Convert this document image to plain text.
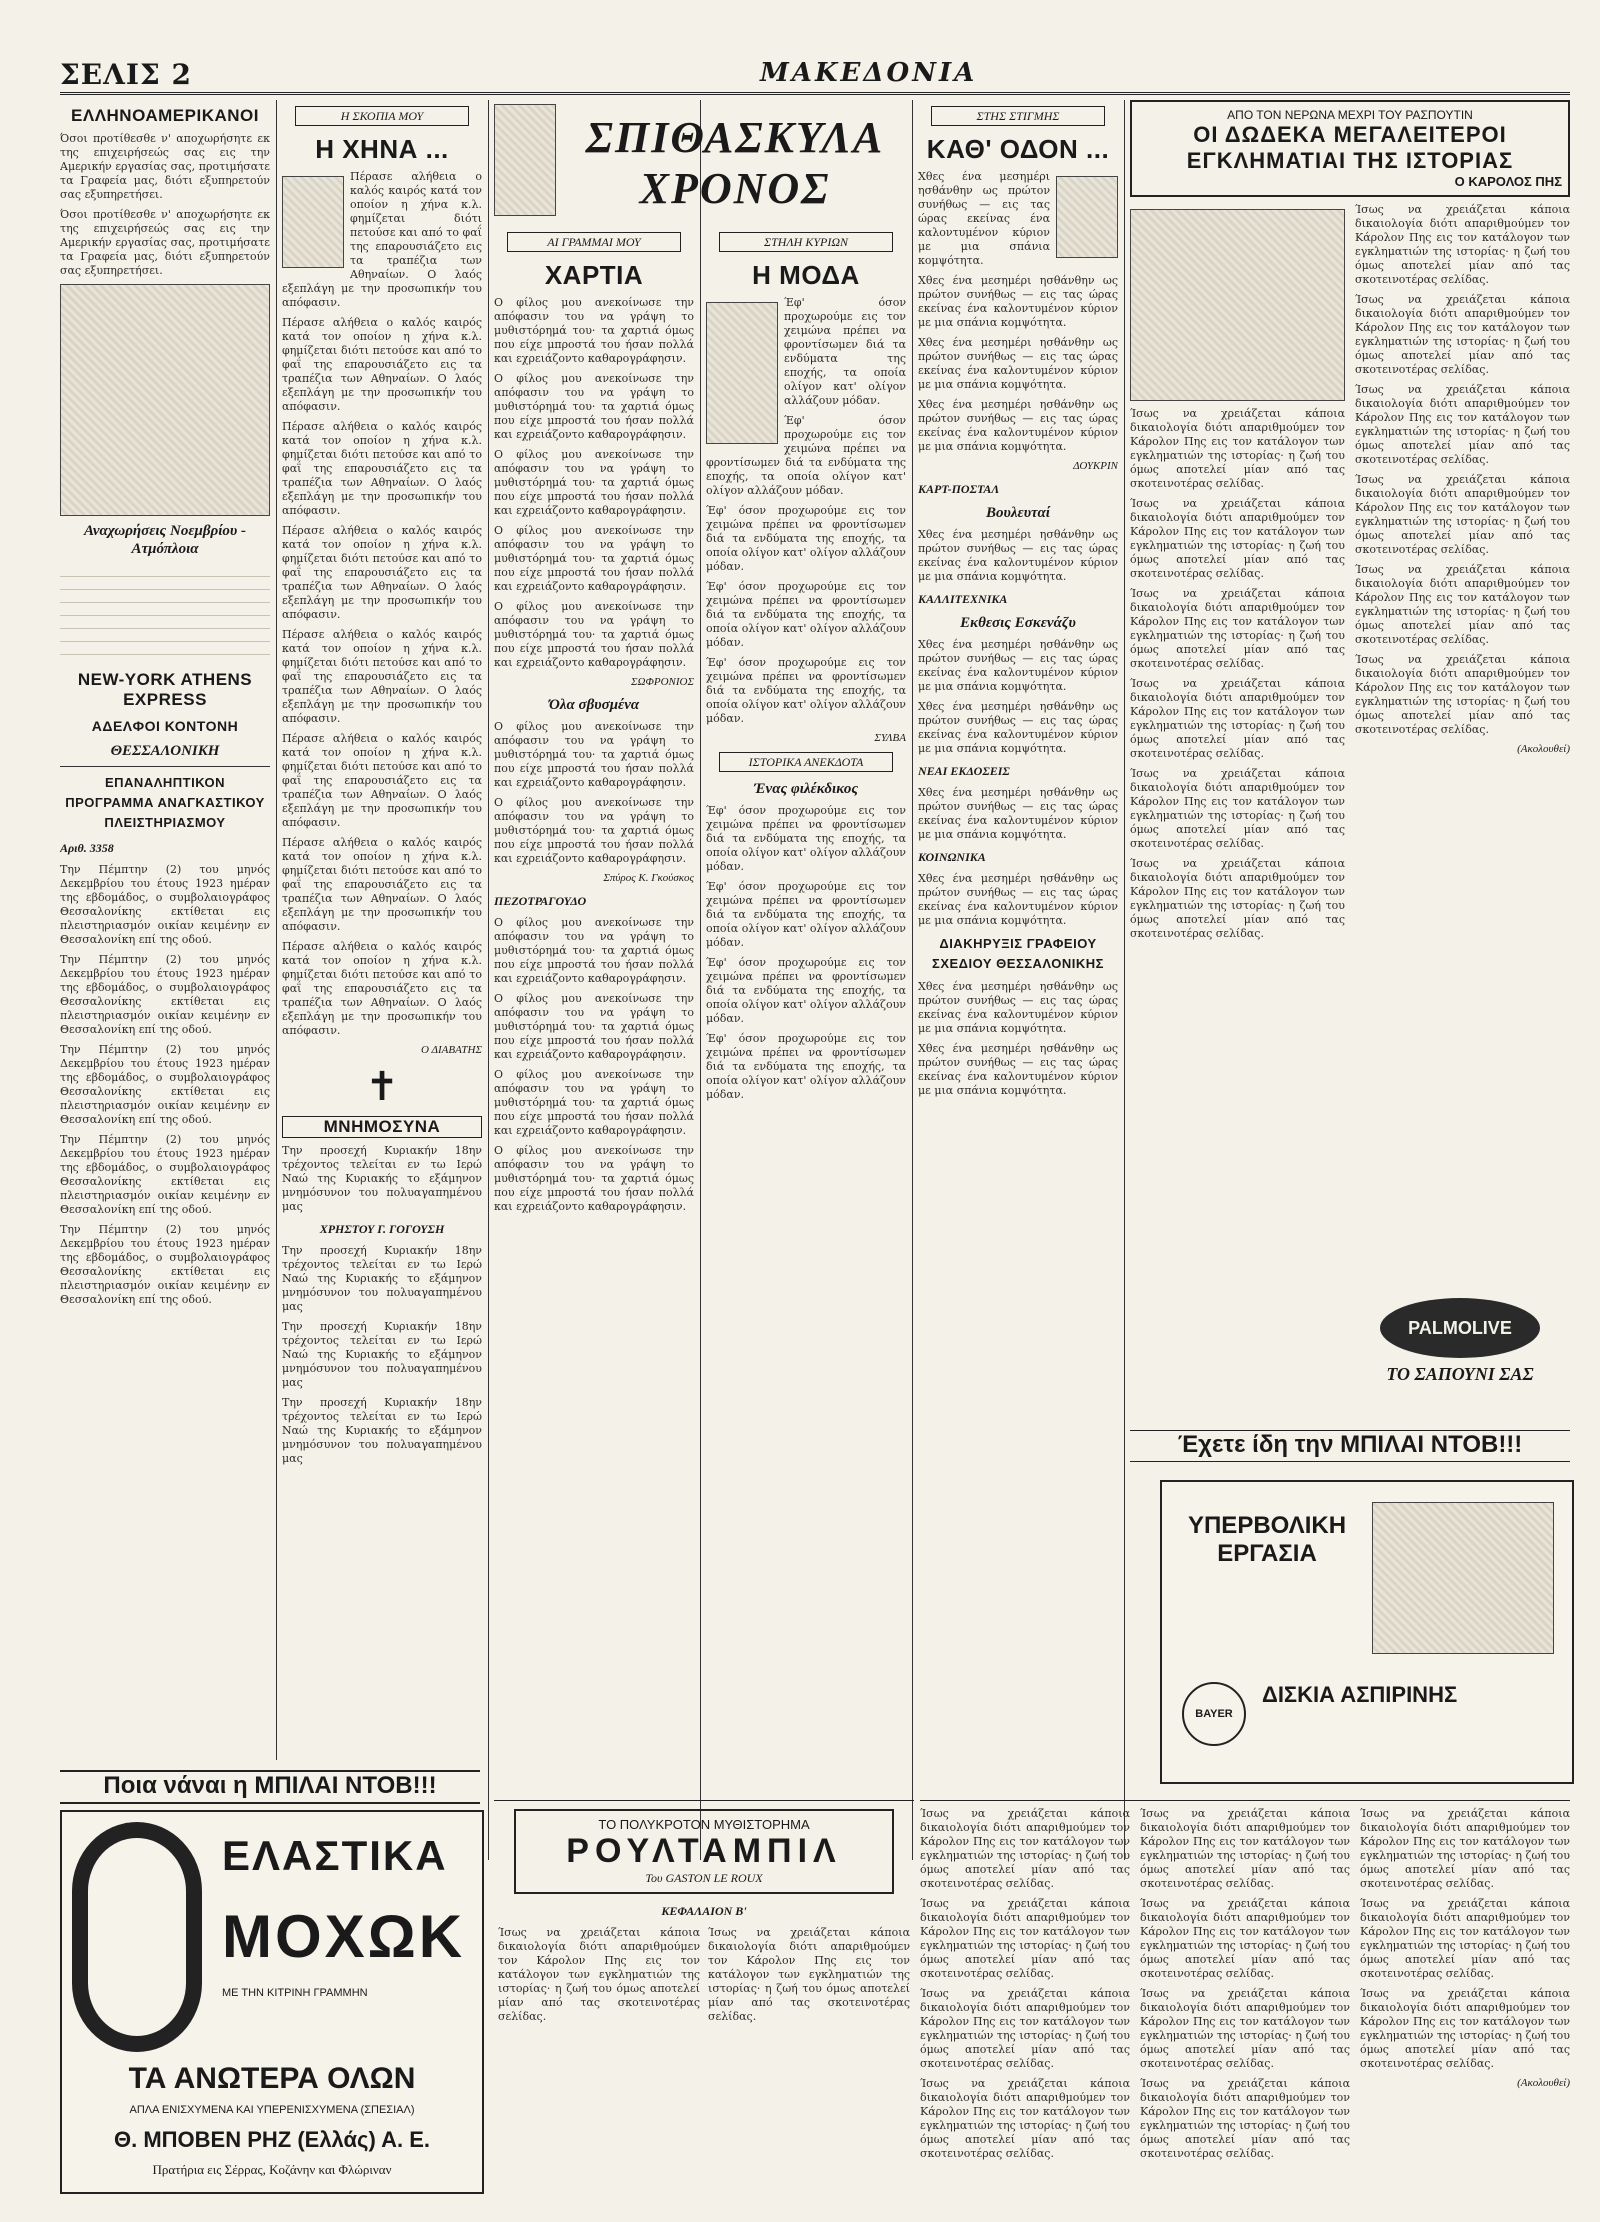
ΣΕΛΙΣ 2	ΜΑΚΕΔΟΝΙΑ
ΕΛΛΗΝΟΑΜΕΡΙΚΑΝΟΙ

Όσοι προτίθεσθε ν' αποχωρήσητε εκ της επιχειρήσεώς σας εις την Αμερικήν εργασίας σας, προτιμήσατε τα Γραφεία μας, διότι εξυπηρετούν σας εξυπηρετήσει.

Όσοι προτίθεσθε ν' αποχωρήσητε εκ της επιχειρήσεώς σας εις την Αμερικήν εργασίας σας, προτιμήσατε τα Γραφεία μας, διότι εξυπηρετούν σας εξυπηρετήσει.

Αναχωρήσεις Νοεμβρίου - Ατμόπλοια

NEW-YORK ATHENS EXPRESS
ΑΔΕΛΦΟΙ ΚΟΝΤΟΝΗ
ΘΕΣΣΑΛΟΝΙΚΗ
ΕΠΑΝΑΛΗΠΤΙΚΟΝ ΠΡΟΓΡΑΜΜΑ ΑΝΑΓΚΑΣΤΙΚΟΥ ΠΛΕΙΣΤΗΡΙΑΣΜΟΥ
Αριθ. 3358

Την Πέμπτην (2) του μηνός Δεκεμβρίου του έτους 1923 ημέραν της εβδομάδος, ο συμβολαιογράφος Θεσσαλονίκης εκτίθεται εις πλειστηριασμόν οικίαν κειμένην εν Θεσσαλονίκη επί της οδού.

Την Πέμπτην (2) του μηνός Δεκεμβρίου του έτους 1923 ημέραν της εβδομάδος, ο συμβολαιογράφος Θεσσαλονίκης εκτίθεται εις πλειστηριασμόν οικίαν κειμένην εν Θεσσαλονίκη επί της οδού.

Την Πέμπτην (2) του μηνός Δεκεμβρίου του έτους 1923 ημέραν της εβδομάδος, ο συμβολαιογράφος Θεσσαλονίκης εκτίθεται εις πλειστηριασμόν οικίαν κειμένην εν Θεσσαλονίκη επί της οδού.

Την Πέμπτην (2) του μηνός Δεκεμβρίου του έτους 1923 ημέραν της εβδομάδος, ο συμβολαιογράφος Θεσσαλονίκης εκτίθεται εις πλειστηριασμόν οικίαν κειμένην εν Θεσσαλονίκη επί της οδού.

Την Πέμπτην (2) του μηνός Δεκεμβρίου του έτους 1923 ημέραν της εβδομάδος, ο συμβολαιογράφος Θεσσαλονίκης εκτίθεται εις πλειστηριασμόν οικίαν κειμένην εν Θεσσαλονίκη επί της οδού.

Η ΣΚΟΠΙΑ ΜΟΥ
Η ΧΗΝΑ ...

Πέρασε αλήθεια ο καλός καιρός κατά τον οποίον η χήνα κ.λ. φημίζεται διότι πετούσε και από το φαΐ της επαρουσιάζετο εις τα τραπέζια των Αθηναίων. Ο λαός εξεπλάγη με την προσωπικήν του απόφασιν.

Πέρασε αλήθεια ο καλός καιρός κατά τον οποίον η χήνα κ.λ. φημίζεται διότι πετούσε και από το φαΐ της επαρουσιάζετο εις τα τραπέζια των Αθηναίων. Ο λαός εξεπλάγη με την προσωπικήν του απόφασιν.

Πέρασε αλήθεια ο καλός καιρός κατά τον οποίον η χήνα κ.λ. φημίζεται διότι πετούσε και από το φαΐ της επαρουσιάζετο εις τα τραπέζια των Αθηναίων. Ο λαός εξεπλάγη με την προσωπικήν του απόφασιν.

Πέρασε αλήθεια ο καλός καιρός κατά τον οποίον η χήνα κ.λ. φημίζεται διότι πετούσε και από το φαΐ της επαρουσιάζετο εις τα τραπέζια των Αθηναίων. Ο λαός εξεπλάγη με την προσωπικήν του απόφασιν.

Πέρασε αλήθεια ο καλός καιρός κατά τον οποίον η χήνα κ.λ. φημίζεται διότι πετούσε και από το φαΐ της επαρουσιάζετο εις τα τραπέζια των Αθηναίων. Ο λαός εξεπλάγη με την προσωπικήν του απόφασιν.

Πέρασε αλήθεια ο καλός καιρός κατά τον οποίον η χήνα κ.λ. φημίζεται διότι πετούσε και από το φαΐ της επαρουσιάζετο εις τα τραπέζια των Αθηναίων. Ο λαός εξεπλάγη με την προσωπικήν του απόφασιν.

Πέρασε αλήθεια ο καλός καιρός κατά τον οποίον η χήνα κ.λ. φημίζεται διότι πετούσε και από το φαΐ της επαρουσιάζετο εις τα τραπέζια των Αθηναίων. Ο λαός εξεπλάγη με την προσωπικήν του απόφασιν.

Πέρασε αλήθεια ο καλός καιρός κατά τον οποίον η χήνα κ.λ. φημίζεται διότι πετούσε και από το φαΐ της επαρουσιάζετο εις τα τραπέζια των Αθηναίων. Ο λαός εξεπλάγη με την προσωπικήν του απόφασιν.

Ο ΔΙΑΒΑΤΗΣ
✝
ΜΝΗΜΟΣΥΝΑ

Την προσεχή Κυριακήν 18ην τρέχοντος τελείται εν τω Ιερώ Ναώ της Κυριακής το εξάμηνον μνημόσυνον του πολυαγαπημένου μας

ΧΡΗΣΤΟΥ Γ. ΓΟΓΟΥΣΗ

Την προσεχή Κυριακήν 18ην τρέχοντος τελείται εν τω Ιερώ Ναώ της Κυριακής το εξάμηνον μνημόσυνον του πολυαγαπημένου μας

Την προσεχή Κυριακήν 18ην τρέχοντος τελείται εν τω Ιερώ Ναώ της Κυριακής το εξάμηνον μνημόσυνον του πολυαγαπημένου μας

Την προσεχή Κυριακήν 18ην τρέχοντος τελείται εν τω Ιερώ Ναώ της Κυριακής το εξάμηνον μνημόσυνον του πολυαγαπημένου μας

ΣΠΙΘΑΣΚΥΛΑ ΧΡΟΝΟΣ
ΑΙ ΓΡΑΜΜΑΙ ΜΟΥ
ΧΑΡΤΙΑ

Ο φίλος μου ανεκοίνωσε την απόφασιν του να γράψη το μυθιστόρημά του· τα χαρτιά όμως που είχε μπροστά του ήσαν πολλά και εχρειάζοντο καθαρογράφησιν.

Ο φίλος μου ανεκοίνωσε την απόφασιν του να γράψη το μυθιστόρημά του· τα χαρτιά όμως που είχε μπροστά του ήσαν πολλά και εχρειάζοντο καθαρογράφησιν.

Ο φίλος μου ανεκοίνωσε την απόφασιν του να γράψη το μυθιστόρημά του· τα χαρτιά όμως που είχε μπροστά του ήσαν πολλά και εχρειάζοντο καθαρογράφησιν.

Ο φίλος μου ανεκοίνωσε την απόφασιν του να γράψη το μυθιστόρημά του· τα χαρτιά όμως που είχε μπροστά του ήσαν πολλά και εχρειάζοντο καθαρογράφησιν.

Ο φίλος μου ανεκοίνωσε την απόφασιν του να γράψη το μυθιστόρημά του· τα χαρτιά όμως που είχε μπροστά του ήσαν πολλά και εχρειάζοντο καθαρογράφησιν.

ΣΩΦΡΟΝΙΟΣ
Όλα σβυσμένα

Ο φίλος μου ανεκοίνωσε την απόφασιν του να γράψη το μυθιστόρημά του· τα χαρτιά όμως που είχε μπροστά του ήσαν πολλά και εχρειάζοντο καθαρογράφησιν.

Ο φίλος μου ανεκοίνωσε την απόφασιν του να γράψη το μυθιστόρημά του· τα χαρτιά όμως που είχε μπροστά του ήσαν πολλά και εχρειάζοντο καθαρογράφησιν.

Σπύρος Κ. Γκούσκος
ΠΕΖΟΤΡΑΓΟΥΔΟ

Ο φίλος μου ανεκοίνωσε την απόφασιν του να γράψη το μυθιστόρημά του· τα χαρτιά όμως που είχε μπροστά του ήσαν πολλά και εχρειάζοντο καθαρογράφησιν.

Ο φίλος μου ανεκοίνωσε την απόφασιν του να γράψη το μυθιστόρημά του· τα χαρτιά όμως που είχε μπροστά του ήσαν πολλά και εχρειάζοντο καθαρογράφησιν.

Ο φίλος μου ανεκοίνωσε την απόφασιν του να γράψη το μυθιστόρημά του· τα χαρτιά όμως που είχε μπροστά του ήσαν πολλά και εχρειάζοντο καθαρογράφησιν.

Ο φίλος μου ανεκοίνωσε την απόφασιν του να γράψη το μυθιστόρημά του· τα χαρτιά όμως που είχε μπροστά του ήσαν πολλά και εχρειάζοντο καθαρογράφησιν.

ΣΤΗΛΗ ΚΥΡΙΩΝ
Η ΜΟΔΑ

Έφ' όσον προχωρούμε εις τον χειμώνα πρέπει να φροντίσωμεν διά τα ενδύματα της εποχής, τα οποία ολίγον κατ' ολίγον αλλάζουν μόδαν.

Έφ' όσον προχωρούμε εις τον χειμώνα πρέπει να φροντίσωμεν διά τα ενδύματα της εποχής, τα οποία ολίγον κατ' ολίγον αλλάζουν μόδαν.

Έφ' όσον προχωρούμε εις τον χειμώνα πρέπει να φροντίσωμεν διά τα ενδύματα της εποχής, τα οποία ολίγον κατ' ολίγον αλλάζουν μόδαν.

Έφ' όσον προχωρούμε εις τον χειμώνα πρέπει να φροντίσωμεν διά τα ενδύματα της εποχής, τα οποία ολίγον κατ' ολίγον αλλάζουν μόδαν.

Έφ' όσον προχωρούμε εις τον χειμώνα πρέπει να φροντίσωμεν διά τα ενδύματα της εποχής, τα οποία ολίγον κατ' ολίγον αλλάζουν μόδαν.

ΣΥΛΒΑ
ΙΣΤΟΡΙΚΑ ΑΝΕΚΔΟΤΑ
Ένας φιλέκδικος

Έφ' όσον προχωρούμε εις τον χειμώνα πρέπει να φροντίσωμεν διά τα ενδύματα της εποχής, τα οποία ολίγον κατ' ολίγον αλλάζουν μόδαν.

Έφ' όσον προχωρούμε εις τον χειμώνα πρέπει να φροντίσωμεν διά τα ενδύματα της εποχής, τα οποία ολίγον κατ' ολίγον αλλάζουν μόδαν.

Έφ' όσον προχωρούμε εις τον χειμώνα πρέπει να φροντίσωμεν διά τα ενδύματα της εποχής, τα οποία ολίγον κατ' ολίγον αλλάζουν μόδαν.

Έφ' όσον προχωρούμε εις τον χειμώνα πρέπει να φροντίσωμεν διά τα ενδύματα της εποχής, τα οποία ολίγον κατ' ολίγον αλλάζουν μόδαν.

ΣΤΗΣ ΣΤΙΓΜΗΣ
ΚΑΘ' ΟΔΟΝ ...

Χθες ένα μεσημέρι ησθάνθην ως πρώτον συνήθως — εις τας ώρας εκείνας ένα καλοντυμένον κύριον με μια σπάνια κομψότητα.

Χθες ένα μεσημέρι ησθάνθην ως πρώτον συνήθως — εις τας ώρας εκείνας ένα καλοντυμένον κύριον με μια σπάνια κομψότητα.

Χθες ένα μεσημέρι ησθάνθην ως πρώτον συνήθως — εις τας ώρας εκείνας ένα καλοντυμένον κύριον με μια σπάνια κομψότητα.

Χθες ένα μεσημέρι ησθάνθην ως πρώτον συνήθως — εις τας ώρας εκείνας ένα καλοντυμένον κύριον με μια σπάνια κομψότητα.

ΔΟΥΚΡΙΝ
ΚΑΡΤ-ΠΟΣΤΑΛ
Βουλευταί

Χθες ένα μεσημέρι ησθάνθην ως πρώτον συνήθως — εις τας ώρας εκείνας ένα καλοντυμένον κύριον με μια σπάνια κομψότητα.

ΚΑΛΛΙΤΕΧΝΙΚΑ
Εκθεσις Εσκενάζυ

Χθες ένα μεσημέρι ησθάνθην ως πρώτον συνήθως — εις τας ώρας εκείνας ένα καλοντυμένον κύριον με μια σπάνια κομψότητα.

Χθες ένα μεσημέρι ησθάνθην ως πρώτον συνήθως — εις τας ώρας εκείνας ένα καλοντυμένον κύριον με μια σπάνια κομψότητα.

ΝΕΑΙ ΕΚΔΟΣΕΙΣ

Χθες ένα μεσημέρι ησθάνθην ως πρώτον συνήθως — εις τας ώρας εκείνας ένα καλοντυμένον κύριον με μια σπάνια κομψότητα.

ΚΟΙΝΩΝΙΚΑ

Χθες ένα μεσημέρι ησθάνθην ως πρώτον συνήθως — εις τας ώρας εκείνας ένα καλοντυμένον κύριον με μια σπάνια κομψότητα.

ΔΙΑΚΗΡΥΞΙΣ ΓΡΑΦΕΙΟΥ ΣΧΕΔΙΟΥ ΘΕΣΣΑΛΟΝΙΚΗΣ

Χθες ένα μεσημέρι ησθάνθην ως πρώτον συνήθως — εις τας ώρας εκείνας ένα καλοντυμένον κύριον με μια σπάνια κομψότητα.

Χθες ένα μεσημέρι ησθάνθην ως πρώτον συνήθως — εις τας ώρας εκείνας ένα καλοντυμένον κύριον με μια σπάνια κομψότητα.

ΑΠΟ ΤΟΝ ΝΕΡΩΝΑ ΜΕΧΡΙ ΤΟΥ ΡΑΣΠΟΥΤΙΝ
ΟΙ ΔΩΔΕΚΑ ΜΕΓΑΛΕΙΤΕΡΟΙ ΕΓΚΛΗΜΑΤΙΑΙ ΤΗΣ ΙΣΤΟΡΙΑΣ
Ο ΚΑΡΟΛΟΣ ΠΗΣ

Ίσως να χρειάζεται κάποια δικαιολογία διότι απαριθμούμεν τον Κάρολον Πης εις τον κατάλογον των εγκληματιών της ιστορίας· η ζωή του όμως αποτελεί μίαν από τας σκοτεινοτέρας σελίδας.

Ίσως να χρειάζεται κάποια δικαιολογία διότι απαριθμούμεν τον Κάρολον Πης εις τον κατάλογον των εγκληματιών της ιστορίας· η ζωή του όμως αποτελεί μίαν από τας σκοτεινοτέρας σελίδας.

Ίσως να χρειάζεται κάποια δικαιολογία διότι απαριθμούμεν τον Κάρολον Πης εις τον κατάλογον των εγκληματιών της ιστορίας· η ζωή του όμως αποτελεί μίαν από τας σκοτεινοτέρας σελίδας.

Ίσως να χρειάζεται κάποια δικαιολογία διότι απαριθμούμεν τον Κάρολον Πης εις τον κατάλογον των εγκληματιών της ιστορίας· η ζωή του όμως αποτελεί μίαν από τας σκοτεινοτέρας σελίδας.

Ίσως να χρειάζεται κάποια δικαιολογία διότι απαριθμούμεν τον Κάρολον Πης εις τον κατάλογον των εγκληματιών της ιστορίας· η ζωή του όμως αποτελεί μίαν από τας σκοτεινοτέρας σελίδας.

Ίσως να χρειάζεται κάποια δικαιολογία διότι απαριθμούμεν τον Κάρολον Πης εις τον κατάλογον των εγκληματιών της ιστορίας· η ζωή του όμως αποτελεί μίαν από τας σκοτεινοτέρας σελίδας.

Ίσως να χρειάζεται κάποια δικαιολογία διότι απαριθμούμεν τον Κάρολον Πης εις τον κατάλογον των εγκληματιών της ιστορίας· η ζωή του όμως αποτελεί μίαν από τας σκοτεινοτέρας σελίδας.

Ίσως να χρειάζεται κάποια δικαιολογία διότι απαριθμούμεν τον Κάρολον Πης εις τον κατάλογον των εγκληματιών της ιστορίας· η ζωή του όμως αποτελεί μίαν από τας σκοτεινοτέρας σελίδας.

Ίσως να χρειάζεται κάποια δικαιολογία διότι απαριθμούμεν τον Κάρολον Πης εις τον κατάλογον των εγκληματιών της ιστορίας· η ζωή του όμως αποτελεί μίαν από τας σκοτεινοτέρας σελίδας.

Ίσως να χρειάζεται κάποια δικαιολογία διότι απαριθμούμεν τον Κάρολον Πης εις τον κατάλογον των εγκληματιών της ιστορίας· η ζωή του όμως αποτελεί μίαν από τας σκοτεινοτέρας σελίδας.

Ίσως να χρειάζεται κάποια δικαιολογία διότι απαριθμούμεν τον Κάρολον Πης εις τον κατάλογον των εγκληματιών της ιστορίας· η ζωή του όμως αποτελεί μίαν από τας σκοτεινοτέρας σελίδας.

Ίσως να χρειάζεται κάποια δικαιολογία διότι απαριθμούμεν τον Κάρολον Πης εις τον κατάλογον των εγκληματιών της ιστορίας· η ζωή του όμως αποτελεί μίαν από τας σκοτεινοτέρας σελίδας.

(Ακολουθεί)
PALMOLIVE
ΤΟ ΣΑΠΟΥΝΙ ΣΑΣ
Έχετε ίδη την ΜΠΙΛΑΙ ΝΤΟΒ!!!
ΥΠΕΡΒΟΛΙΚΗ
ΕΡΓΑΣΙΑ
BAYER
ΔΙΣΚΙΑ ΑΣΠΙΡΙΝΗΣ
Ποια νάναι η ΜΠΙΛΑΙ ΝΤΟΒ!!!
ΕΛΑΣΤΙΚΑ
ΜΟΧΩΚ
ΜΕ ΤΗΝ ΚΙΤΡΙΝΗ ΓΡΑΜΜΗΝ
ΤΑ ΑΝΩΤΕΡΑ ΟΛΩΝ
ΑΠΛΑ ΕΝΙΣΧΥΜΕΝΑ ΚΑΙ ΥΠΕΡΕΝΙΣΧΥΜΕΝΑ (ΣΠΕΣΙΑΛ)
Θ. ΜΠΟΒΕΝ ΡΗΖ (Ελλάς) Α. Ε.
Πρατήρια εις Σέρρας, Κοζάνην και Φλώριναν
ΤΟ ΠΟΛΥΚΡΟΤΟΝ ΜΥΘΙΣΤΟΡΗΜΑ
ΡΟΥΛΤΑΜΠΙΛ
Του GASTON LE ROUX
ΚΕΦΑΛΑΙΟΝ Β'

Ίσως να χρειάζεται κάποια δικαιολογία διότι απαριθμούμεν τον Κάρολον Πης εις τον κατάλογον των εγκληματιών της ιστορίας· η ζωή του όμως αποτελεί μίαν από τας σκοτεινοτέρας σελίδας.

Ίσως να χρειάζεται κάποια δικαιολογία διότι απαριθμούμεν τον Κάρολον Πης εις τον κατάλογον των εγκληματιών της ιστορίας· η ζωή του όμως αποτελεί μίαν από τας σκοτεινοτέρας σελίδας.

Ίσως να χρειάζεται κάποια δικαιολογία διότι απαριθμούμεν τον Κάρολον Πης εις τον κατάλογον των εγκληματιών της ιστορίας· η ζωή του όμως αποτελεί μίαν από τας σκοτεινοτέρας σελίδας.

Ίσως να χρειάζεται κάποια δικαιολογία διότι απαριθμούμεν τον Κάρολον Πης εις τον κατάλογον των εγκληματιών της ιστορίας· η ζωή του όμως αποτελεί μίαν από τας σκοτεινοτέρας σελίδας.

Ίσως να χρειάζεται κάποια δικαιολογία διότι απαριθμούμεν τον Κάρολον Πης εις τον κατάλογον των εγκληματιών της ιστορίας· η ζωή του όμως αποτελεί μίαν από τας σκοτεινοτέρας σελίδας.

Ίσως να χρειάζεται κάποια δικαιολογία διότι απαριθμούμεν τον Κάρολον Πης εις τον κατάλογον των εγκληματιών της ιστορίας· η ζωή του όμως αποτελεί μίαν από τας σκοτεινοτέρας σελίδας.

Ίσως να χρειάζεται κάποια δικαιολογία διότι απαριθμούμεν τον Κάρολον Πης εις τον κατάλογον των εγκληματιών της ιστορίας· η ζωή του όμως αποτελεί μίαν από τας σκοτεινοτέρας σελίδας.

Ίσως να χρειάζεται κάποια δικαιολογία διότι απαριθμούμεν τον Κάρολον Πης εις τον κατάλογον των εγκληματιών της ιστορίας· η ζωή του όμως αποτελεί μίαν από τας σκοτεινοτέρας σελίδας.

Ίσως να χρειάζεται κάποια δικαιολογία διότι απαριθμούμεν τον Κάρολον Πης εις τον κατάλογον των εγκληματιών της ιστορίας· η ζωή του όμως αποτελεί μίαν από τας σκοτεινοτέρας σελίδας.

Ίσως να χρειάζεται κάποια δικαιολογία διότι απαριθμούμεν τον Κάρολον Πης εις τον κατάλογον των εγκληματιών της ιστορίας· η ζωή του όμως αποτελεί μίαν από τας σκοτεινοτέρας σελίδας.

Ίσως να χρειάζεται κάποια δικαιολογία διότι απαριθμούμεν τον Κάρολον Πης εις τον κατάλογον των εγκληματιών της ιστορίας· η ζωή του όμως αποτελεί μίαν από τας σκοτεινοτέρας σελίδας.

Ίσως να χρειάζεται κάποια δικαιολογία διότι απαριθμούμεν τον Κάρολον Πης εις τον κατάλογον των εγκληματιών της ιστορίας· η ζωή του όμως αποτελεί μίαν από τας σκοτεινοτέρας σελίδας.

Ίσως να χρειάζεται κάποια δικαιολογία διότι απαριθμούμεν τον Κάρολον Πης εις τον κατάλογον των εγκληματιών της ιστορίας· η ζωή του όμως αποτελεί μίαν από τας σκοτεινοτέρας σελίδας.

(Ακολουθεί)
